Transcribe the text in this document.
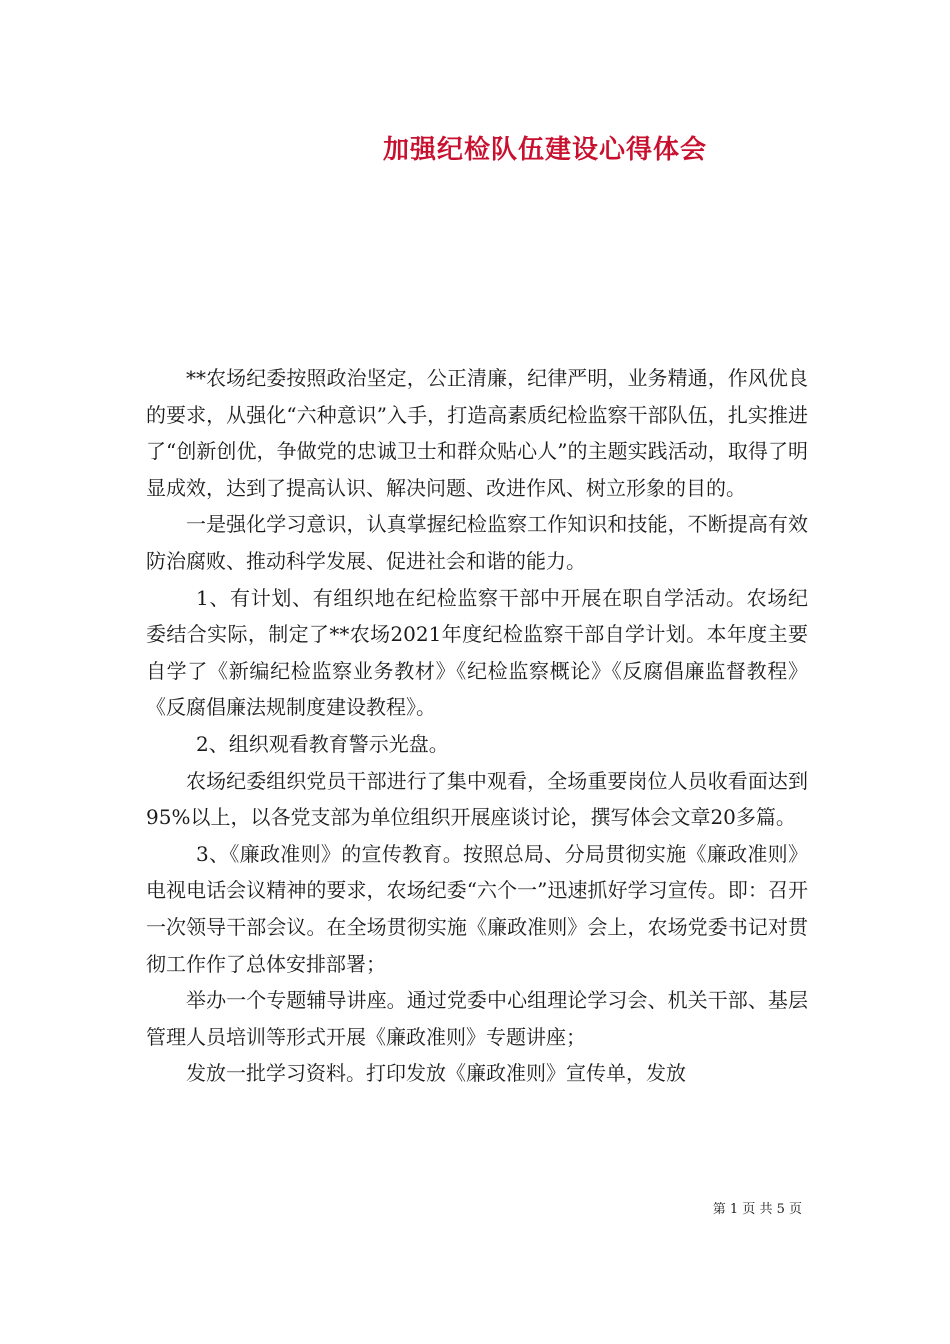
加强纪检队伍建设心得体会

**农场纪委按照政治坚定，公正清廉，纪律严明，业务精通，作风优良的要求，从强化“六种意识”入手，打造高素质纪检监察干部队伍，扎实推进了“创新创优，争做党的忠诚卫士和群众贴心人”的主题实践活动，取得了明显成效，达到了提高认识、解决问题、改进作风、树立形象的目的。

一是强化学习意识，认真掌握纪检监察工作知识和技能，不断提高有效防治腐败、推动科学发展、促进社会和谐的能力。

1、有计划、有组织地在纪检监察干部中开展在职自学活动。农场纪委结合实际，制定了**农场2021年度纪检监察干部自学计划。本年度主要自学了《新编纪检监察业务教材》《纪检监察概论》《反腐倡廉监督教程》《反腐倡廉法规制度建设教程》。

2、组织观看教育警示光盘。

农场纪委组织党员干部进行了集中观看，全场重要岗位人员收看面达到95%以上，以各党支部为单位组织开展座谈讨论，撰写体会文章20多篇。

3、《廉政准则》的宣传教育。按照总局、分局贯彻实施《廉政准则》电视电话会议精神的要求，农场纪委“六个一”迅速抓好学习宣传。即：召开一次领导干部会议。在全场贯彻实施《廉政准则》会上，农场党委书记对贯彻工作作了总体安排部署；

举办一个专题辅导讲座。通过党委中心组理论学习会、机关干部、基层管理人员培训等形式开展《廉政准则》专题讲座；

发放一批学习资料。打印发放《廉政准则》宣传单，发放

第 1 页 共 5 页
